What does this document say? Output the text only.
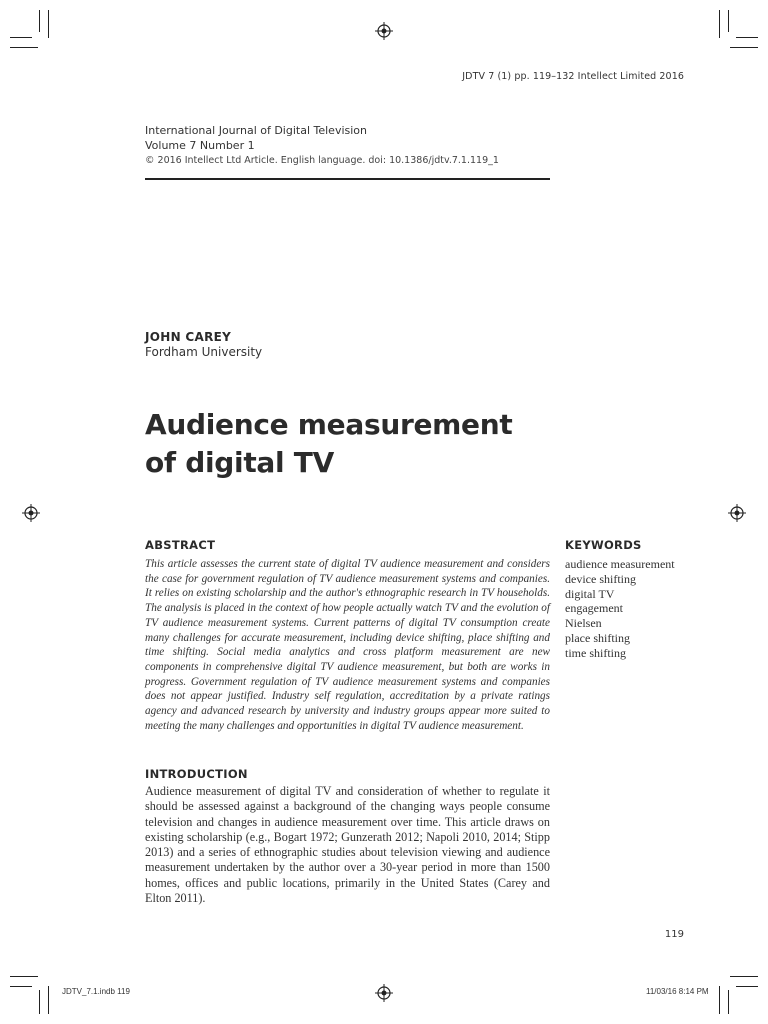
JDTV 7 (1) pp. 119–132 Intellect Limited 2016
International Journal of Digital Television
Volume 7 Number 1
© 2016 Intellect Ltd Article. English language. doi: 10.1386/jdtv.7.1.119_1
JOHN CAREY
Fordham University
Audience measurement
of digital TV
ABSTRACT
This article assesses the current state of digital TV audience measurement and considers the case for government regulation of TV audience measurement systems and companies. It relies on existing scholarship and the author's ethnographic research in TV households. The analysis is placed in the context of how people actually watch TV and the evolution of TV audience measurement systems. Current patterns of digital TV consumption create many challenges for accurate measurement, including device shifting, place shifting and time shifting. Social media analytics and cross platform measurement are new components in comprehensive digital TV audience measurement, but both are works in progress. Government regulation of TV audience measurement systems and companies does not appear justified. Industry self regulation, accreditation by a private ratings agency and advanced research by university and industry groups appear more suited to meeting the many challenges and opportunities in digital TV audience measurement.
KEYWORDS
audience measurement
device shifting
digital TV
engagement
Nielsen
place shifting
time shifting
INTRODUCTION
Audience measurement of digital TV and consideration of whether to regulate it should be assessed against a background of the changing ways people consume television and changes in audience measurement over time. This article draws on existing scholarship (e.g., Bogart 1972; Gunzerath 2012; Napoli 2010, 2014; Stipp 2013) and a series of ethnographic studies about television viewing and audience measurement undertaken by the author over a 30-year period in more than 1500 homes, offices and public locations, primarily in the United States (Carey and Elton 2011).
119
JDTV_7.1.indb 119	11/03/16 8:14 PM
